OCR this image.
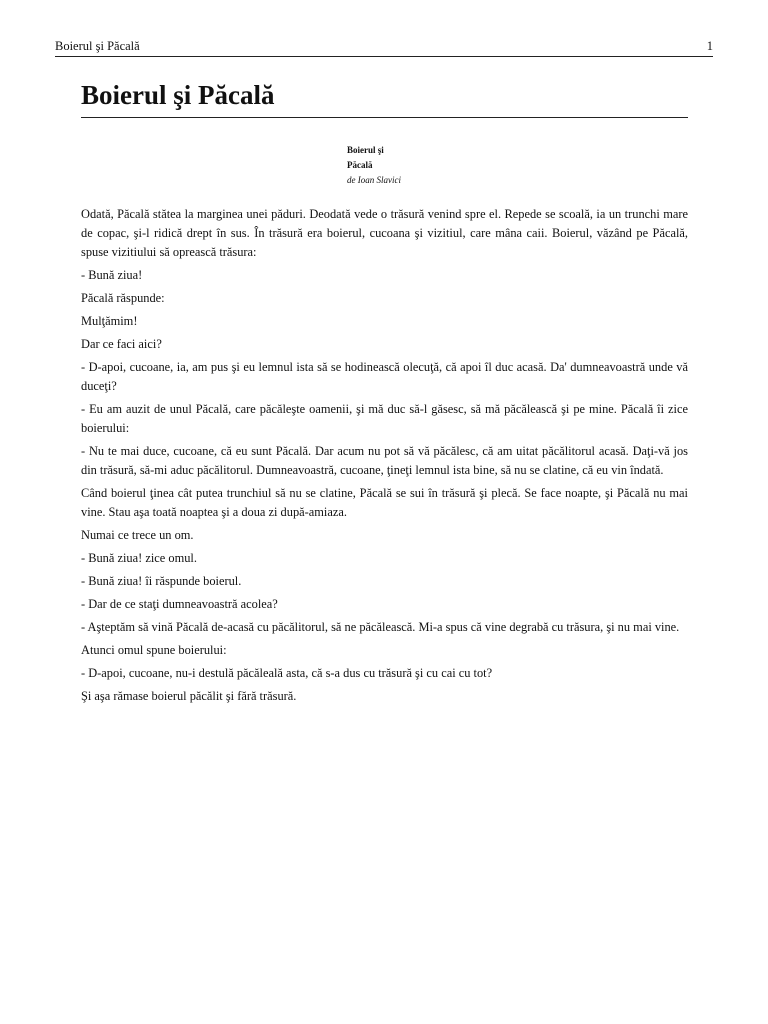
Boierul şi Păcală	1
Boierul şi Păcală
Boierul şi
Păcală
de Ioan Slavici

Odată, Păcală stătea la marginea unei păduri. Deodată vede o trăsură venind spre el. Repede se scoală, ia un trunchi mare de copac, şi-l ridică drept în sus. În trăsură era boierul, cucoana şi vizitiul, care mâna caii. Boierul, văzând pe Păcală, spuse vizitiului să oprească trăsura:

- Bună ziua!

Păcală răspunde:

Mulţămim!

Dar ce faci aici?

- D-apoi, cucoane, ia, am pus şi eu lemnul ista să se hodinească olecuţă, că apoi îl duc acasă. Da' dumneavoastră unde vă duceţi?

- Eu am auzit de unul Păcală, care păcăleşte oamenii, şi mă duc să-l găsesc, să mă păcălească şi pe mine. Păcală îi zice boierului:

- Nu te mai duce, cucoane, că eu sunt Păcală. Dar acum nu pot să vă păcălesc, că am uitat păcălitorul acasă. Daţi-vă jos din trăsură, să-mi aduc păcălitorul. Dumneavoastră, cucoane, ţineţi lemnul ista bine, să nu se clatine, că eu vin îndată.

Când boierul ţinea cât putea trunchiul să nu se clatine, Păcală se sui în trăsură şi plecă. Se face noapte, şi Păcală nu mai vine. Stau aşa toată noaptea şi a doua zi după-amiaza.

Numai ce trece un om.

- Bună ziua! zice omul.

- Bună ziua! îi răspunde boierul.

- Dar de ce staţi dumneavoastră acolea?

- Aşteptăm să vină Păcală de-acasă cu păcălitorul, să ne păcălească. Mi-a spus că vine degrabă cu trăsura, şi nu mai vine.

Atunci omul spune boierului:

- D-apoi, cucoane, nu-i destulă păcăleală asta, că s-a dus cu trăsură şi cu cai cu tot?

Şi aşa rămase boierul păcălit şi fără trăsură.
